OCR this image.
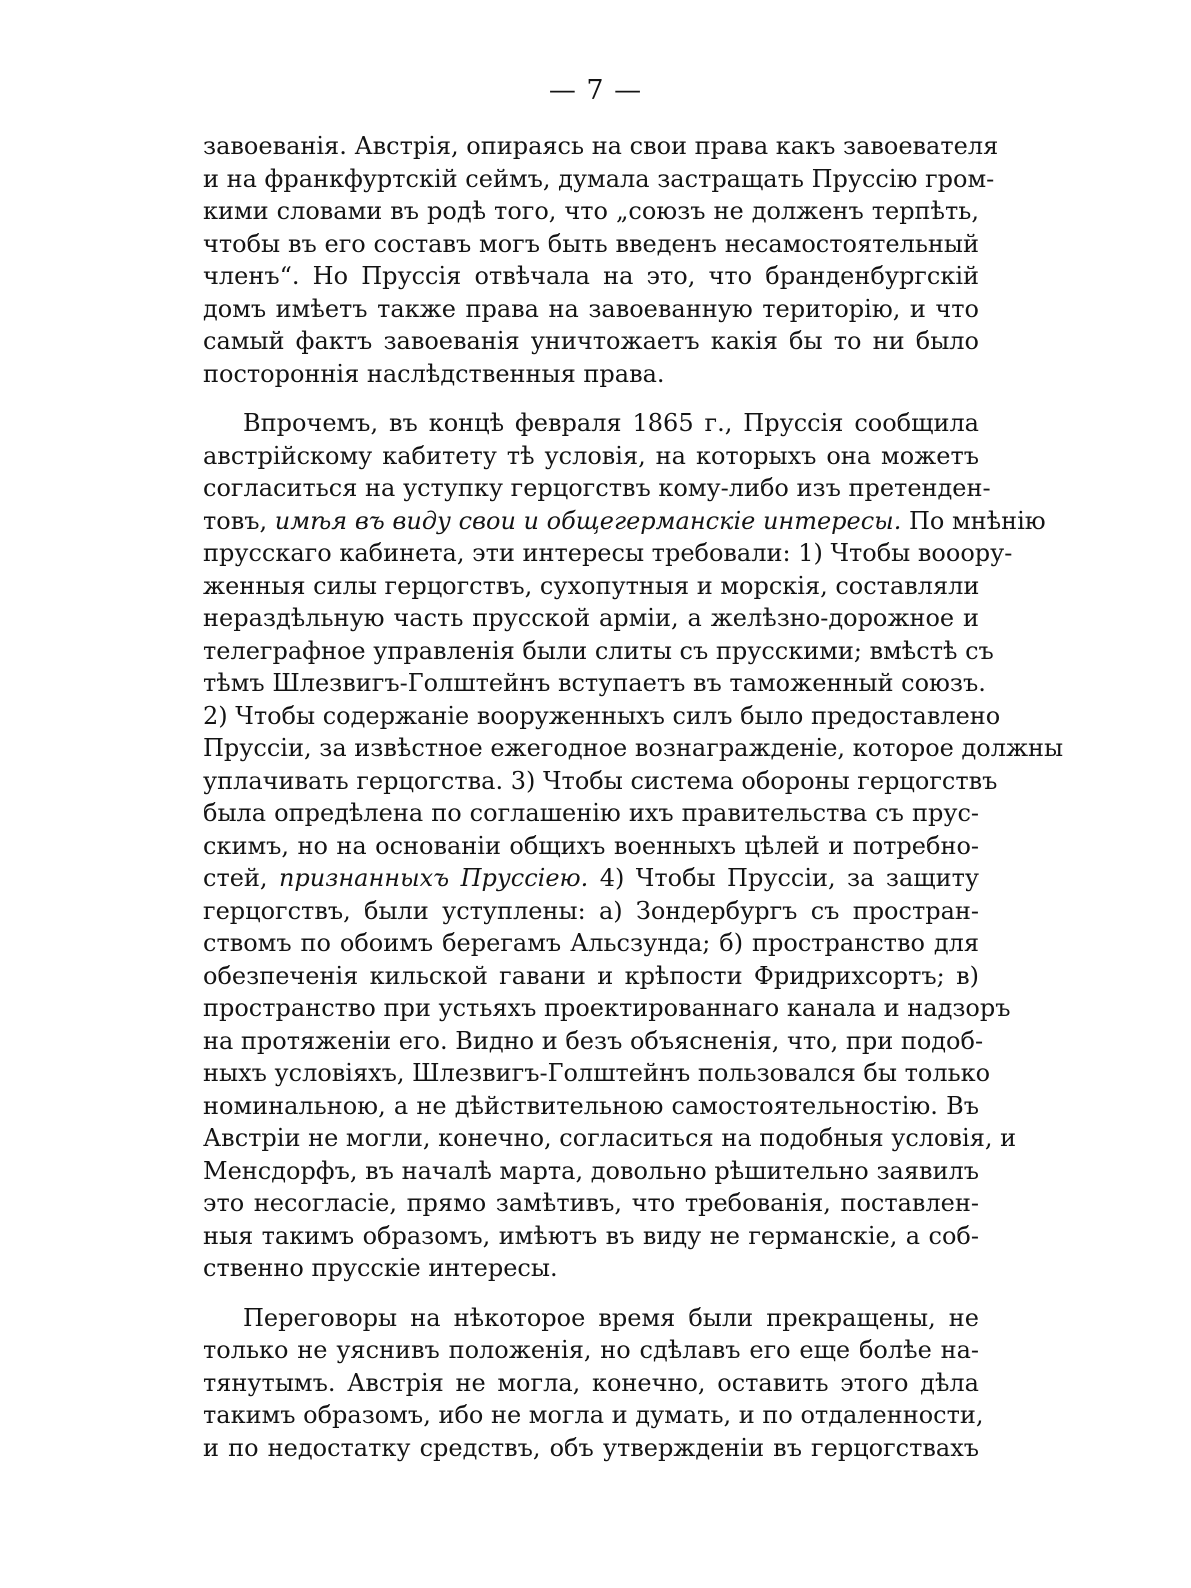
— 7 —
завоеванія. Австрія, опираясь на свои права какъ завоевателя
и на франкфуртскій сеймъ, думала застращать Пруссію гром-
кими словами въ родѣ того, что „союзъ не долженъ терпѣть,
чтобы въ его составъ могъ быть введенъ несамостоятельный
членъ“. Но Пруссія отвѣчала на это, что бранденбургскій
домъ имѣетъ также права на завоеванную територію, и что
самый фактъ завоеванія уничтожаетъ какія бы то ни было
постороннія наслѣдственныя права.
Впрочемъ, въ концѣ февраля 1865 г., Пруссія сообщила
австрійскому кабитету тѣ условія, на которыхъ она можетъ
согласиться на уступку герцогствъ кому-либо изъ претенден-
товъ, имѣя въ виду свои и общегерманскіе интересы. По мнѣнію
прусскаго кабинета, эти интересы требовали: 1) Чтобы вооору-
женныя силы герцогствъ, сухопутныя и морскія, составляли
нераздѣльную часть прусской арміи, а желѣзно-дорожное и
телеграфное управленія были слиты съ прусскими; вмѣстѣ съ
тѣмъ Шлезвигъ-Голштейнъ вступаетъ въ таможенный союзъ.
2) Чтобы содержаніе вооруженныхъ силъ было предоставлено
Пруссіи, за извѣстное ежегодное вознагражденіе, которое должны
уплачивать герцогства. 3) Чтобы система обороны герцогствъ
была опредѣлена по соглашенію ихъ правительства съ прус-
скимъ, но на основаніи общихъ военныхъ цѣлей и потребно-
стей, признанныхъ Пруссіею. 4) Чтобы Пруссіи, за защиту
герцогствъ, были уступлены: а) Зондербургъ съ простран-
ствомъ по обоимъ берегамъ Альсзунда; б) пространство для
обезпеченія кильской гавани и крѣпости Фридрихсортъ; в)
пространство при устьяхъ проектированнаго канала и надзоръ
на протяженіи его. Видно и безъ объясненія, что, при подоб-
ныхъ условіяхъ, Шлезвигъ-Голштейнъ пользовался бы только
номинальною, а не дѣйствительною самостоятельностію. Въ
Австріи не могли, конечно, согласиться на подобныя условія, и
Менсдорфъ, въ началѣ марта, довольно рѣшительно заявилъ
это несогласіе, прямо замѣтивъ, что требованія, поставлен-
ныя такимъ образомъ, имѣютъ въ виду не германскіе, а соб-
ственно прусскіе интересы.
Переговоры на нѣкоторое время были прекращены, не
только не уяснивъ положенія, но сдѣлавъ его еще болѣе на-
тянутымъ. Австрія не могла, конечно, оставить этого дѣла
такимъ образомъ, ибо не могла и думать, и по отдаленности,
и по недостатку средствъ, объ утвержденіи въ герцогствахъ
